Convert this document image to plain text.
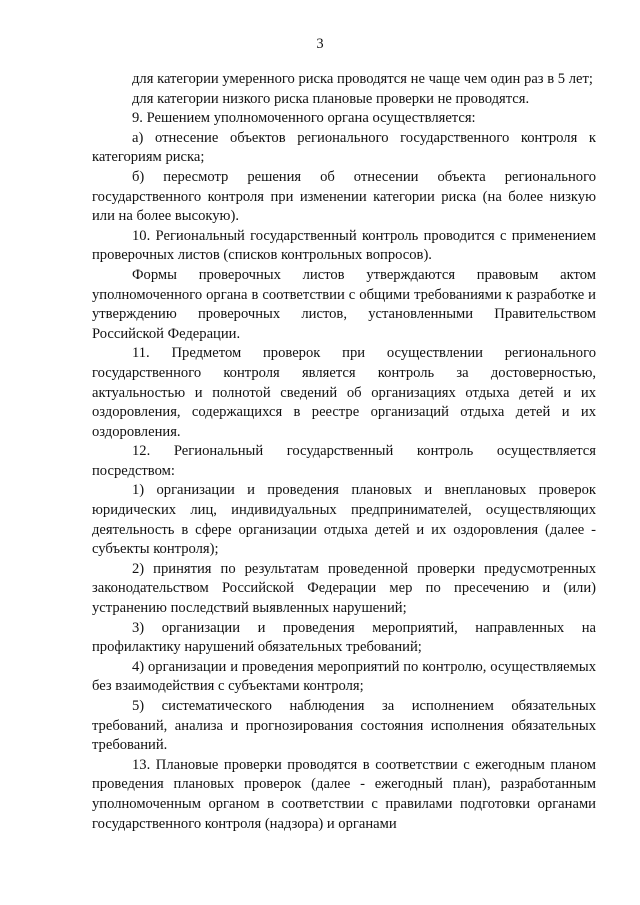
3

для категории умеренного риска проводятся не чаще чем один раз в 5 лет;

для категории низкого риска плановые проверки не проводятся.

9. Решением уполномоченного органа осуществляется:

а) отнесение объектов регионального государственного контроля к категориям риска;

б) пересмотр решения об отнесении объекта регионального государственного контроля при изменении категории риска (на более низкую или на более высокую).

10. Региональный государственный контроль проводится с применением проверочных листов (списков контрольных вопросов).

Формы проверочных листов утверждаются правовым актом уполномоченного органа в соответствии с общими требованиями к разработке и утверждению проверочных листов, установленными Правительством Российской Федерации.

11. Предметом проверок при осуществлении регионального государственного контроля является контроль за достоверностью, актуальностью и полнотой сведений об организациях отдыха детей и их оздоровления, содержащихся в реестре организаций отдыха детей и их оздоровления.

12. Региональный государственный контроль осуществляется посредством:

1) организации и проведения плановых и внеплановых проверок юридических лиц, индивидуальных предпринимателей, осуществляющих деятельность в сфере организации отдыха детей и их оздоровления (далее - субъекты контроля);

2) принятия по результатам проведенной проверки предусмотренных законодательством Российской Федерации мер по пресечению и (или) устранению последствий выявленных нарушений;

3) организации и проведения мероприятий, направленных на профилактику нарушений обязательных требований;

4) организации и проведения мероприятий по контролю, осуществляемых без взаимодействия с субъектами контроля;

5) систематического наблюдения за исполнением обязательных требований, анализа и прогнозирования состояния исполнения обязательных требований.

13. Плановые проверки проводятся в соответствии с ежегодным планом проведения плановых проверок (далее - ежегодный план), разработанным уполномоченным органом в соответствии с правилами подготовки органами государственного контроля (надзора) и органами
